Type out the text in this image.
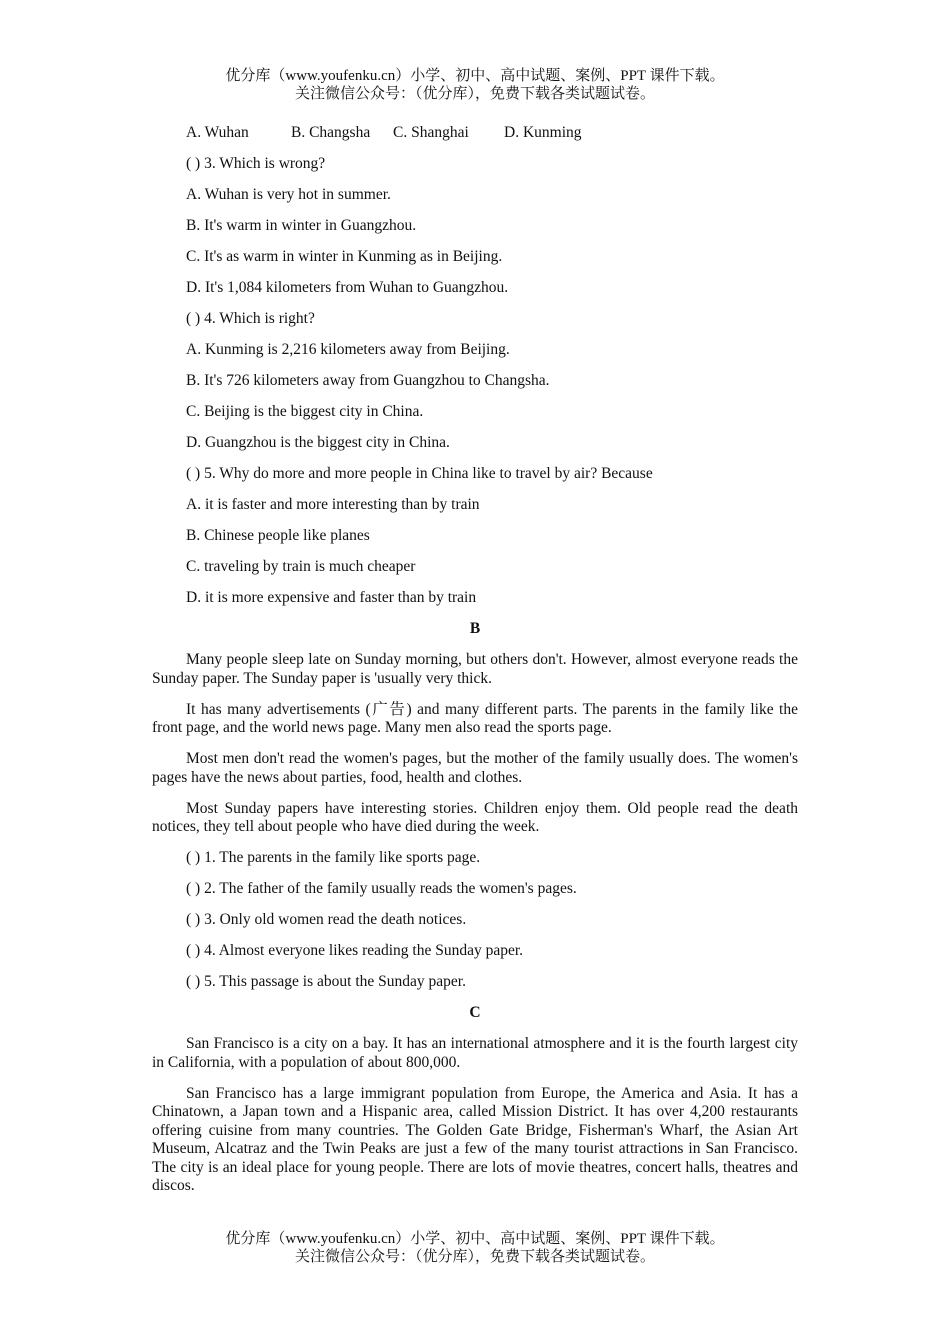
优分库（www.youfenku.cn）小学、初中、高中试题、案例、PPT 课件下载。
关注微信公众号：（优分库），免费下载各类试题试卷。
A. Wuhan	B. Changsha	C. Shanghai	D. Kunming
( ) 3. Which is wrong?
A. Wuhan is very hot in summer.
B. It's warm in winter in Guangzhou.
C. It's as warm in winter in Kunming as in Beijing.
D. It's 1,084 kilometers from Wuhan to Guangzhou.
( ) 4. Which is right?
A. Kunming is 2,216 kilometers away from Beijing.
B. It's 726 kilometers away from Guangzhou to Changsha.
C. Beijing is the biggest city in China.
D. Guangzhou is the biggest city in China.
( ) 5. Why do more and more people in China like to travel by air? Because
A. it is faster and more interesting than by train
B. Chinese people like planes
C. traveling by train is much cheaper
D. it is more expensive and faster than by train
B

Many people sleep late on Sunday morning, but others don't. However, almost everyone reads the Sunday paper. The Sunday paper is 'usually very thick.

It has many advertisements (广告) and many different parts. The parents in the family like the front page, and the world news page. Many men also read the sports page.

Most men don't read the women's pages, but the mother of the family usually does. The women's pages have the news about parties, food, health and clothes.

Most Sunday papers have interesting stories. Children enjoy them. Old people read the death notices, they tell about people who have died during the week.

( ) 1. The parents in the family like sports page.
( ) 2. The father of the family usually reads the women's pages.
( ) 3. Only old women read the death notices.
( ) 4. Almost everyone likes reading the Sunday paper.
( ) 5. This passage is about the Sunday paper.
C

San Francisco is a city on a bay. It has an international atmosphere and it is the fourth largest city in California, with a population of about 800,000.

San Francisco has a large immigrant population from Europe, the America and Asia. It has a Chinatown, a Japan town and a Hispanic area, called Mission District. It has over 4,200 restaurants offering cuisine from many countries. The Golden Gate Bridge, Fisherman's Wharf, the Asian Art Museum, Alcatraz and the Twin Peaks are just a few of the many tourist attractions in San Francisco. The city is an ideal place for young people. There are lots of movie theatres, concert halls, theatres and discos.

优分库（www.youfenku.cn）小学、初中、高中试题、案例、PPT 课件下载。
关注微信公众号：（优分库），免费下载各类试题试卷。
